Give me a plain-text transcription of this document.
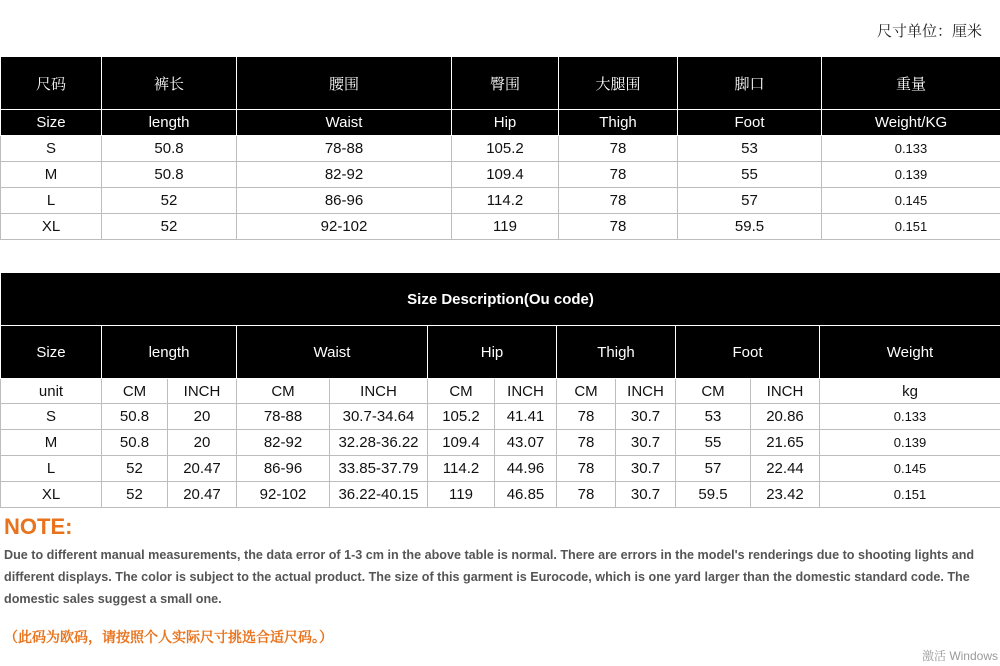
尺寸单位：厘米
尺码	裤长	腰围	臀围	大腿围	脚口	重量
Size	length	Waist	Hip	Thigh	Foot	Weight/KG
S	50.8	78-88	105.2	78	53	0.133
M	50.8	82-92	109.4	78	55	0.139
L	52	86-96	114.2	78	57	0.145
XL	52	92-102	119	78	59.5	0.151
Size Description(Ou code)											
Size	length		Waist		Hip		Thigh		Foot		Weight
unit	CM	INCH	CM	INCH	CM	INCH	CM	INCH	CM	INCH	kg
S	50.8	20	78-88	30.7-34.64	105.2	41.41	78	30.7	53	20.86	0.133
M	50.8	20	82-92	32.28-36.22	109.4	43.07	78	30.7	55	21.65	0.139
L	52	20.47	86-96	33.85-37.79	114.2	44.96	78	30.7	57	22.44	0.145
XL	52	20.47	92-102	36.22-40.15	119	46.85	78	30.7	59.5	23.42	0.151
NOTE:
Due to different manual measurements, the data error of 1-3 cm in the above table is normal. There are errors in the model's renderings due to shooting lights and different displays. The color is subject to the actual product. The size of this garment is Eurocode, which is one yard larger than the domestic standard code. The domestic sales suggest a small one.
（此码为欧码，请按照个人实际尺寸挑选合适尺码。）
激活 Windows
